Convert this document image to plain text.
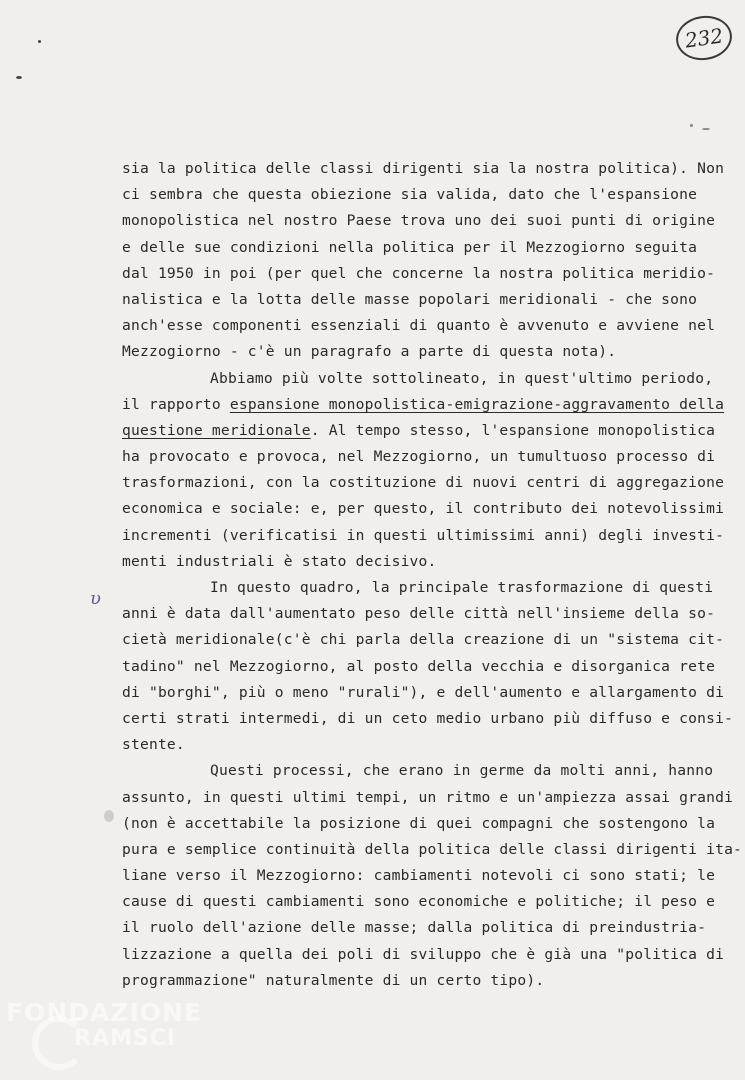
232
υ
sia la politica delle classi dirigenti sia la nostra politica). Non
ci sembra che questa obiezione sia valida, dato che l'espansione
monopolistica nel nostro Paese trova uno dei suoi punti di origine
e delle sue condizioni nella politica per il Mezzogiorno seguita
dal 1950 in poi (per quel che concerne la nostra politica meridio-
nalistica e la lotta delle masse popolari meridionali - che sono
anch'esse componenti essenziali di quanto è avvenuto e avviene nel
Mezzogiorno - c'è un paragrafo a parte di questa nota).
Abbiamo più volte sottolineato, in quest'ultimo periodo,
il rapporto espansione monopolistica-emigrazione-aggravamento della
questione meridionale. Al tempo stesso, l'espansione monopolistica
ha provocato e provoca, nel Mezzogiorno, un tumultuoso processo di
trasformazioni, con la costituzione di nuovi centri di aggregazione
economica e sociale: e, per questo, il contributo dei notevolissimi
incrementi (verificatisi in questi ultimissimi anni) degli investi-
menti industriali è stato decisivo.
In questo quadro, la principale trasformazione di questi
anni è data dall'aumentato peso delle città nell'insieme della so-
cietà meridionale(c'è chi parla della creazione di un "sistema cit-
tadino" nel Mezzogiorno, al posto della vecchia e disorganica rete
di "borghi", più o meno "rurali"), e dell'aumento e allargamento di
certi strati intermedi, di un ceto medio urbano più diffuso e consi-
stente.
Questi processi, che erano in germe da molti anni, hanno
assunto, in questi ultimi tempi, un ritmo e un'ampiezza assai grandi
(non è accettabile la posizione di quei compagni che sostengono la
pura e semplice continuità della politica delle classi dirigenti ita-
liane verso il Mezzogiorno: cambiamenti notevoli ci sono stati; le
cause di questi cambiamenti sono economiche e politiche; il peso e
il ruolo dell'azione delle masse; dalla politica di preindustria-
lizzazione a quella dei poli di sviluppo che è già una "politica di
programmazione" naturalmente di un certo tipo).
FONDAZIONE
RAMSCI
